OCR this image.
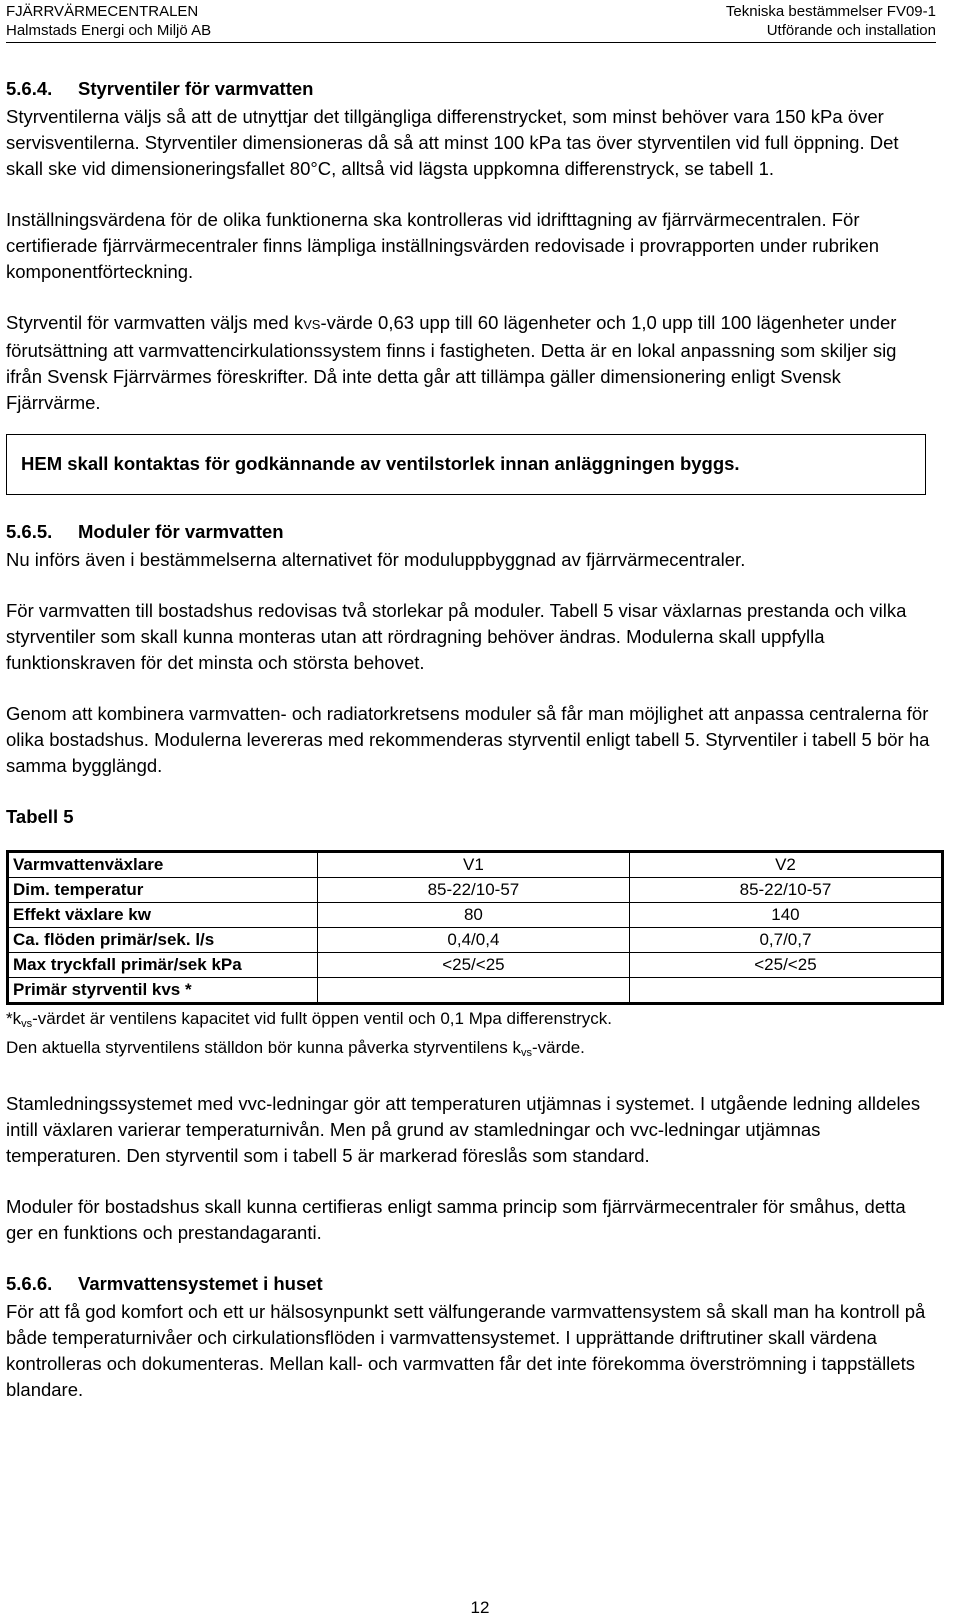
FJÄRRVÄRMECENTRALEN
Halmstads Energi och Miljö AB
Tekniska bestämmelser FV09-1
Utförande och installation
5.6.4. Styrventiler för varmvatten

Styrventilerna väljs så att de utnyttjar det tillgängliga differenstrycket, som minst behöver vara 150 kPa över servisventilerna. Styrventiler dimensioneras då så att minst 100 kPa tas över styrventilen vid full öppning. Det skall ske vid dimensioneringsfallet 80°C, alltså vid lägsta uppkomna differenstryck, se tabell 1.

Inställningsvärdena för de olika funktionerna ska kontrolleras vid idrifttagning av fjärrvärmecentralen. För certifierade fjärrvärmecentraler finns lämpliga inställningsvärden redovisade i provrapporten under rubriken komponentförteckning.

Styrventil för varmvatten väljs med kVS-värde 0,63 upp till 60 lägenheter och 1,0 upp till 100 lägenheter under förutsättning att varmvattencirkulationssystem finns i fastigheten. Detta är en lokal anpassning som skiljer sig ifrån Svensk Fjärrvärmes föreskrifter. Då inte detta går att tillämpa gäller dimensionering enligt Svensk Fjärrvärme.

HEM skall kontaktas för godkännande av ventilstorlek innan anläggningen byggs.
5.6.5. Moduler för varmvatten

Nu införs även i bestämmelserna alternativet för moduluppbyggnad av fjärrvärmecentraler.

För varmvatten till bostadshus redovisas två storlekar på moduler. Tabell 5 visar växlarnas prestanda och vilka styrventiler som skall kunna monteras utan att rördragning behöver ändras. Modulerna skall uppfylla funktionskraven för det minsta och största behovet.

Genom att kombinera varmvatten- och radiatorkretsens moduler så får man möjlighet att anpassa centralerna för olika bostadshus. Modulerna levereras med rekommenderas styrventil enligt tabell 5. Styrventiler i tabell 5 bör ha samma bygglängd.

Tabell 5
Varmvattenväxlare	V1	V2
Dim. temperatur	85-22/10-57	85-22/10-57
Effekt växlare kw	80	140
Ca. flöden primär/sek. l/s	0,4/0,4	0,7/0,7
Max tryckfall primär/sek kPa	<25/<25	<25/<25
Primär styrventil kvs *		
$*k_{vs}$-värdet är ventilens kapacitet vid fullt öppen ventil och 0,1 Mpa differenstryck.
Den aktuella styrventilens ställdon bör kunna påverka styrventilens $k_{vs}$-värde.

Stamledningssystemet med vvc-ledningar gör att temperaturen utjämnas i systemet. I utgående ledning alldeles intill växlaren varierar temperaturnivån. Men på grund av stamledningar och vvc-ledningar utjämnas temperaturen. Den styrventil som i tabell 5 är markerad föreslås som standard.

Moduler för bostadshus skall kunna certifieras enligt samma princip som fjärrvärmecentraler för småhus, detta ger en funktions och prestandagaranti.

5.6.6. Varmvattensystemet i huset

För att få god komfort och ett ur hälsosynpunkt sett välfungerande varmvattensystem så skall man ha kontroll på både temperaturnivåer och cirkulationsflöden i varmvattensystemet. I upprättande driftrutiner skall värdena kontrolleras och dokumenteras. Mellan kall- och varmvatten får det inte förekomma överströmning i tappställets blandare.

12
